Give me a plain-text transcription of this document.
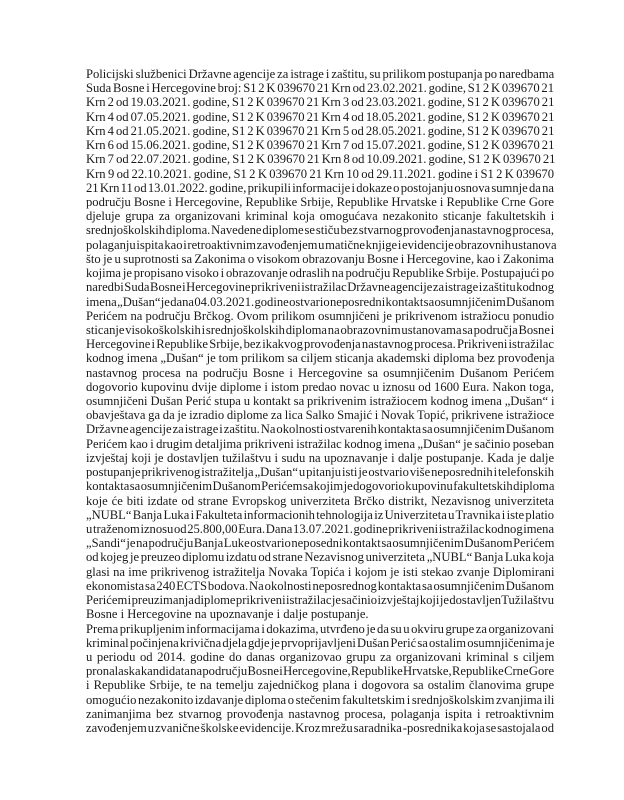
Policijski službenici Državne agencije za istrage i zaštitu, su prilikom postupanja po naredbama
Suda Bosne i Hercegovine broj: S1 2 K 039670 21 Krn od 23.02.2021. godine, S1 2 K 039670 21
Krn 2 od 19.03.2021. godine, S1 2 K 039670 21 Krn 3 od 23.03.2021. godine, S1 2 K 039670 21
Krn 4 od 07.05.2021. godine, S1 2 K 039670 21 Krn 4 od 18.05.2021. godine, S1 2 K 039670 21
Krn 4 od 21.05.2021. godine, S1 2 K 039670 21 Krn 5 od 28.05.2021. godine, S1 2 K 039670 21
Krn 6 od 15.06.2021. godine, S1 2 K 039670 21 Krn 7 od 15.07.2021. godine, S1 2 K 039670 21
Krn 7 od 22.07.2021. godine, S1 2 K 039670 21 Krn 8 od 10.09.2021. godine, S1 2 K 039670 21
Krn 9 od 22.10.2021. godine, S1 2 K 039670 21 Krn 10 od 29.11.2021. godine i S1 2 K 039670
21 Krn 11 od 13.01.2022. godine, prikupili informacije i dokaze o postojanju osnova sumnje da na
području Bosne i Hercegovine, Republike Srbije, Republike Hrvatske i Republike Crne Gore
djeluje grupa za organizovani kriminal koja omogućava nezakonito sticanje fakultetskih i
srednjoškolskih diploma. Navedene diplome se stiču bez stvarnog provođenja nastavnog procesa,
polaganju ispita kao i retroaktivnim zavođenjem u matične knjige i evidencije obrazovnih ustanova
što je u suprotnosti sa Zakonima o visokom obrazovanju Bosne i Hercegovine, kao i Zakonima
kojima je propisano visoko i obrazovanje odraslih na području Republike Srbije. Postupajući po
naredbi Suda Bosne i Hercegovine prikriveni istražilac Državne agencije za istrage i zaštitu kodnog
imena „Dušan“ je dana 04.03.2021. godine ostvario neposredni kontakt sa osumnjičenim Dušanom
Perićem na području Brčkog. Ovom prilikom osumnjičeni je prikrivenom istražiocu ponudio
sticanje visokoškolskih i srednjoškolskih diploma na obrazovnim ustanovama sa područja Bosne i
Hercegovine i Republike Srbije, bez ikakvog provođenja nastavnog procesa. Prikriveni istražilac
kodnog imena „Dušan“ je tom prilikom sa ciljem sticanja akademski diploma bez provođenja
nastavnog procesa na području Bosne i Hercegovine sa osumnjičenim Dušanom Perićem
dogovorio kupovinu dvije diplome i istom predao novac u iznosu od 1600 Eura. Nakon toga,
osumnjičeni Dušan Perić stupa u kontakt sa prikrivenim istražiocem kodnog imena „Dušan“ i
obavještava ga da je izradio diplome za lica Salko Smajić i Novak Topić, prikrivene istražioce
Državne agencije za istrage i zaštitu. Na okolnosti ostvarenih kontakta sa osumnjičenim Dušanom
Perićem kao i drugim detaljima prikriveni istražilac kodnog imena „Dušan“ je sačinio poseban
izvještaj koji je dostavljen tužilaštvu i sudu na upoznavanje i dalje postupanje. Kada je dalje
postupanje prikrivenog istražitelja „Dušan“ u pitanju isti je ostvario više neposrednih i telefonskih
kontakta sa osumnjičenim Dušanom Perićem sa kojim je dogovorio kupovinu fakultetskih diploma
koje će biti izdate od strane Evropskog univerziteta Brčko distrikt, Nezavisnog univerziteta
„NUBL“ Banja Luka i Fakulteta informacionih tehnologija iz Univerziteta u Travnika i iste platio
u traženom iznosu od 25.800,00 Eura. Dana 13.07.2021. godine prikriveni istražilac kodnog imena
„Sandi“ je na području Banja Luke ostvario neposedni kontakt sa osumnjičenim Dušanom Perićem
od kojeg je preuzeo diplomu izdatu od strane Nezavisnog univerziteta „NUBL“ Banja Luka koja
glasi na ime prikrivenog istražitelja Novaka Topića i kojom je isti stekao zvanje Diplomirani
ekonomista sa 240 ECTS bodova. Na okolnosti neposrednog kontakta sa osumnjičenim Dušanom
Perićem i preuzimanja diplome prikriveni istražilac je sačinio izvještaj koji je dostavljen Tužilaštvu
Bosne i Hercegovine na upoznavanje i dalje postupanje.
Prema prikupljenim informacijama i dokazima, utvrđeno je da su u okviru grupe za organizovani
kriminal počinjena krivična djela gdje je prvoprijavljeni Dušan Perić sa ostalim osumnjičenima je
u periodu od 2014. godine do danas organizovao grupu za organizovani kriminal s ciljem
pronalaska kandidata na području Bosne i Hercegovine, Republike Hrvatske, Republike Crne Gore
i Republike Srbije, te na temelju zajedničkog plana i dogovora sa ostalim članovima grupe
omogućio nezakonito izdavanje diploma o stečenim fakultetskim i srednjoškolskim zvanjima ili
zanimanjima bez stvarnog provođenja nastavnog procesa, polaganja ispita i retroaktivnim
zavođenjem u zvanične školske evidencije. Kroz mrežu saradnika -posrednika koja se sastojala od
